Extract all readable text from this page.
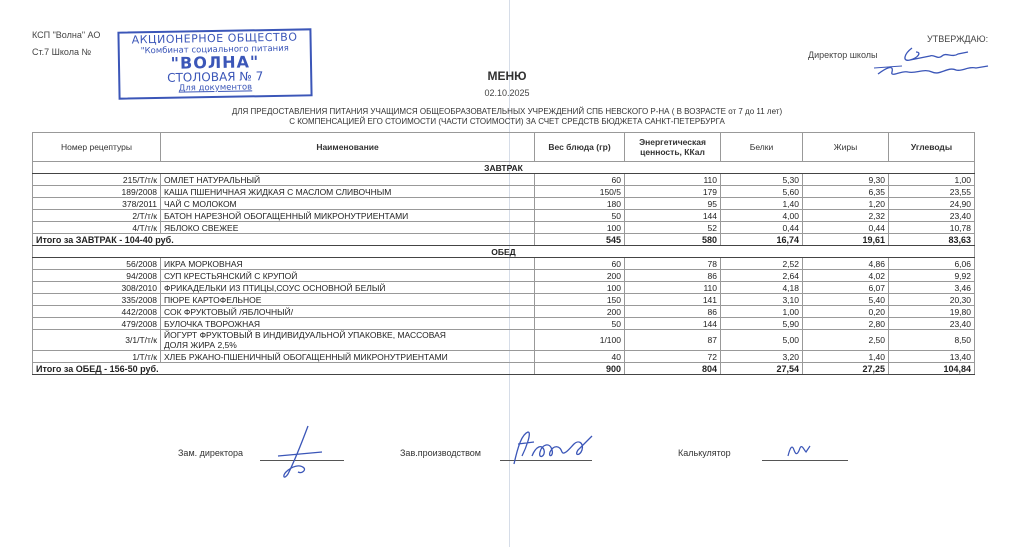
КСП "Волна" АО
Ст.7 Школа №
АКЦИОНЕРНОЕ ОБЩЕСТВО
"Комбинат социального питания
"ВОЛНА"
СТОЛОВАЯ № 7
Для документов
УТВЕРЖДАЮ:
Директор школы
МЕНЮ
02.10.2025
ДЛЯ ПРЕДОСТАВЛЕНИЯ ПИТАНИЯ УЧАЩИМСЯ ОБЩЕОБРАЗОВАТЕЛЬНЫХ УЧРЕЖДЕНИЙ СПБ НЕВСКОГО Р-НА ( В ВОЗРАСТЕ от 7 до 11 лет)
С КОМПЕНСАЦИЕЙ ЕГО СТОИМОСТИ (ЧАСТИ СТОИМОСТИ) ЗА СЧЕТ СРЕДСТВ БЮДЖЕТА САНКТ-ПЕТЕРБУРГА
Номер рецептуры	Наименование	Вес блюда (гр)	Энергетическая ценность, ККал	Белки	Жиры	Углеводы
ЗАВТРАК						
215/Т/т/к	ОМЛЕТ НАТУРАЛЬНЫЙ	60	110	5,30	9,30	1,00
189/2008	КАША ПШЕНИЧНАЯ ЖИДКАЯ С МАСЛОМ СЛИВОЧНЫМ	150/5	179	5,60	6,35	23,55
378/2011	ЧАЙ С МОЛОКОМ	180	95	1,40	1,20	24,90
2/Т/т/к	БАТОН НАРЕЗНОЙ ОБОГАЩЕННЫЙ МИКРОНУТРИЕНТАМИ	50	144	4,00	2,32	23,40
4/Т/т/к	ЯБЛОКО СВЕЖЕЕ	100	52	0,44	0,44	10,78
Итого за ЗАВТРАК - 104-40 руб.		545	580	16,74	19,61	83,63
ОБЕД						
56/2008	ИКРА МОРКОВНАЯ	60	78	2,52	4,86	6,06
94/2008	СУП КРЕСТЬЯНСКИЙ С КРУПОЙ	200	86	2,64	4,02	9,92
308/2010	ФРИКАДЕЛЬКИ ИЗ ПТИЦЫ,СОУС ОСНОВНОЙ БЕЛЫЙ	100	110	4,18	6,07	3,46
335/2008	ПЮРЕ КАРТОФЕЛЬНОЕ	150	141	3,10	5,40	20,30
442/2008	СОК ФРУКТОВЫЙ /ЯБЛОЧНЫЙ/	200	86	1,00	0,20	19,80
479/2008	БУЛОЧКА ТВОРОЖНАЯ	50	144	5,90	2,80	23,40
3/1/Т/т/к	ЙОГУРТ ФРУКТОВЫЙ В ИНДИВИДУАЛЬНОЙ УПАКОВКЕ, МАССОВАЯ
ДОЛЯ ЖИРА 2,5%	1/100	87	5,00	2,50	8,50
1/Т/т/к	ХЛЕБ РЖАНО-ПШЕНИЧНЫЙ ОБОГАЩЕННЫЙ МИКРОНУТРИЕНТАМИ	40	72	3,20	1,40	13,40
Итого за ОБЕД - 156-50 руб.		900	804	27,54	27,25	104,84
Зам. директора	Зав.производством	Калькулятор
